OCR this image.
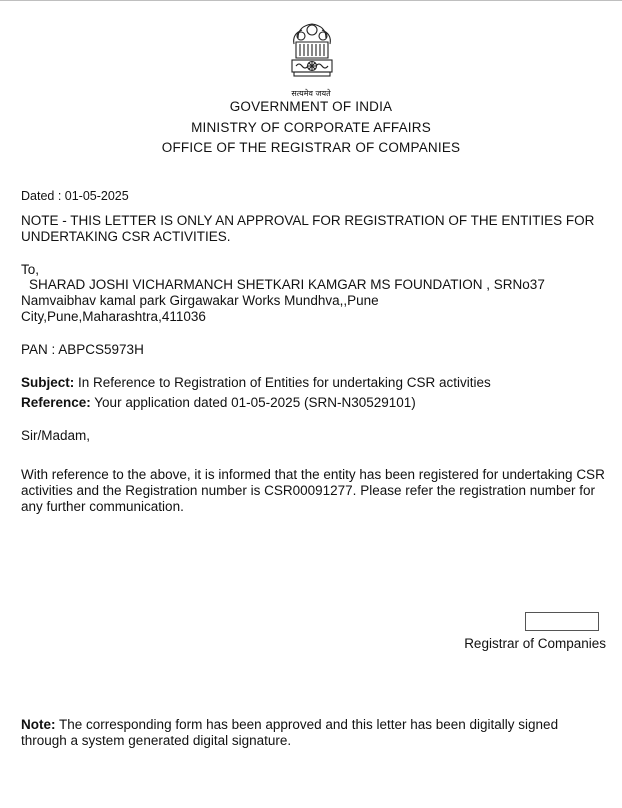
सत्यमेव जयते
GOVERNMENT OF INDIA
MINISTRY OF CORPORATE AFFAIRS
OFFICE OF THE REGISTRAR OF COMPANIES
Dated : 01-05-2025
NOTE - THIS LETTER IS ONLY AN APPROVAL FOR REGISTRATION OF THE ENTITIES FOR UNDERTAKING CSR ACTIVITIES.
To,
SHARAD JOSHI VICHARMANCH SHETKARI KAMGAR MS FOUNDATION , SRNo37
Namvaibhav kamal park Girgawakar Works Mundhva,,Pune
City,Pune,Maharashtra,411036
PAN : ABPCS5973H
Subject: In Reference to Registration of Entities for undertaking CSR activities
Reference: Your application dated 01-05-2025 (SRN-N30529101)
Sir/Madam,
With reference to the above, it is informed that the entity has been registered for undertaking CSR activities and the Registration number is CSR00091277. Please refer the registration number for any further communication.
Registrar of Companies
Note: The corresponding form has been approved and this letter has been digitally signed through a system generated digital signature.
